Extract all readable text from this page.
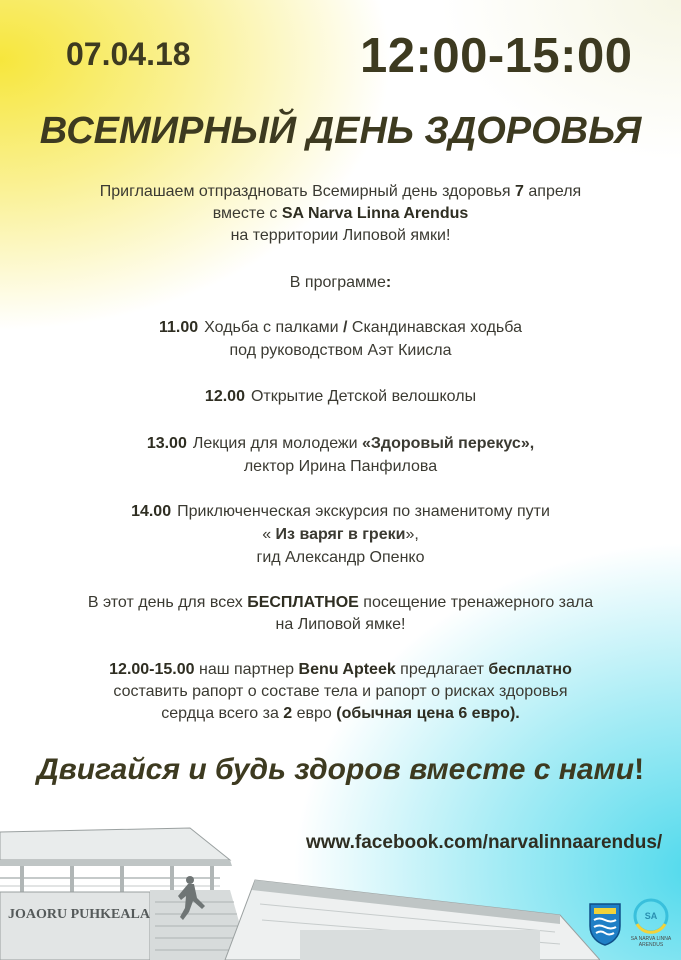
07.04.18	12:00-15:00
ВСЕМИРНЫЙ ДЕНЬ ЗДОРОВЬЯ
Приглашаем отпраздновать Всемирный день здоровья 7 апреля
вместе с SA Narva Linna Arendus
на территории Липовой ямки!
В программе:
11.00 Ходьба с палками / Скандинавская ходьба
под руководством Аэт Киисла
12.00 Открытие Детской велошколы
13.00 Лекция для молодежи «Здоровый перекус»,
лектор Ирина Панфилова
14.00 Приключенческая экскурсия по знаменитому пути
« Из варяг в греки»,
гид Александр Опенко
В этот день для всех БЕСПЛАТНОЕ посещение тренажерного зала
на Липовой ямке!
12.00-15.00 наш партнер Benu Apteek предлагает бесплатно
составить рапорт о составе тела и рапорт о рисках здоровья
сердца всего за 2 евро (обычная цена 6 евро).
Двигайся и будь здоров вместе с нами!
JOAORU PUHKEALA	SA
SA NARVA LINNA
ARENDUS
www.facebook.com/narvalinnaarendus/
